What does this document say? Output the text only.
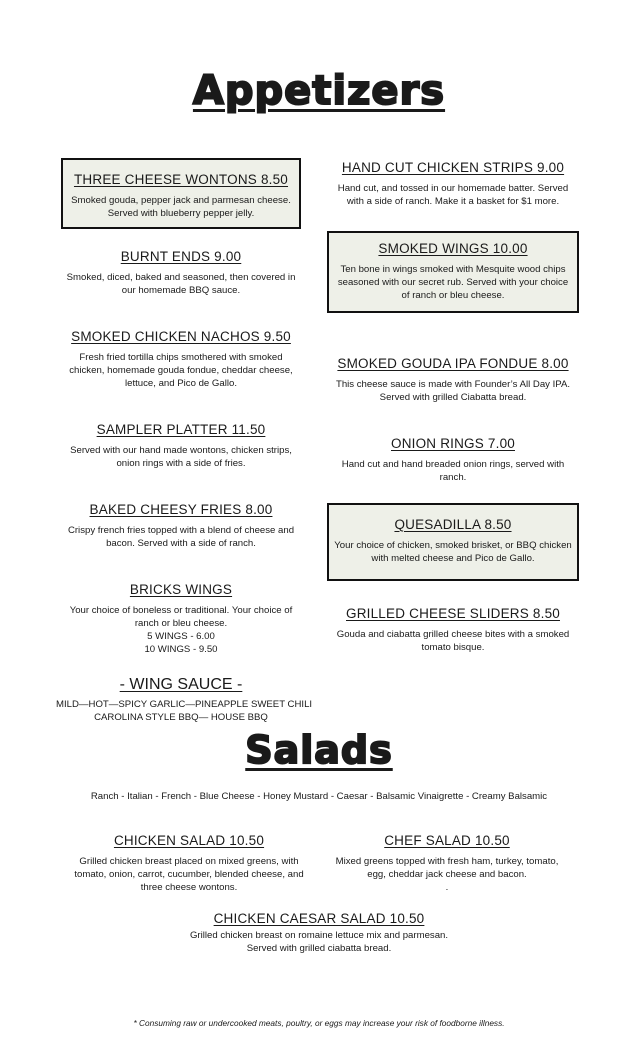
Appetizers
THREE CHEESE WONTONS 8.50
Smoked gouda, pepper jack and parmesan cheese.
Served with blueberry pepper jelly.
BURNT ENDS 9.00
Smoked, diced, baked and seasoned, then covered in
our homemade BBQ sauce.
SMOKED CHICKEN NACHOS 9.50
Fresh fried tortilla chips smothered with smoked
chicken, homemade gouda fondue, cheddar cheese,
lettuce, and Pico de Gallo.
SAMPLER PLATTER 11.50
Served with our hand made wontons, chicken strips,
onion rings with a side of fries.
BAKED CHEESY FRIES 8.00
Crispy french fries topped with a blend of cheese and
bacon. Served with a side of ranch.
BRICKS WINGS
Your choice of boneless or traditional. Your choice of
ranch or bleu cheese.
5 WINGS - 6.00
10 WINGS - 9.50
- WING SAUCE -
MILD—HOT—SPICY GARLIC—PINEAPPLE SWEET CHILI
CAROLINA STYLE BBQ— HOUSE BBQ
HAND CUT CHICKEN STRIPS 9.00
Hand cut, and tossed in our homemade batter. Served
with a side of ranch. Make it a basket for $1 more.
SMOKED WINGS 10.00
Ten bone in wings smoked with Mesquite wood chips
seasoned with our secret rub. Served with your choice
of ranch or bleu cheese.
SMOKED GOUDA IPA FONDUE 8.00
This cheese sauce is made with Founder’s All Day IPA.
Served with grilled Ciabatta bread.
ONION RINGS 7.00
Hand cut and hand breaded onion rings, served with
ranch.
QUESADILLA 8.50
Your choice of chicken, smoked brisket, or BBQ chicken
with melted cheese and Pico de Gallo.
GRILLED CHEESE SLIDERS 8.50
Gouda and ciabatta grilled cheese bites with a smoked
tomato bisque.
Salads
Ranch - Italian - French - Blue Cheese - Honey Mustard - Caesar - Balsamic Vinaigrette - Creamy Balsamic
CHICKEN SALAD 10.50
Grilled chicken breast placed on mixed greens, with
tomato, onion, carrot, cucumber, blended cheese, and
three cheese wontons.
CHEF SALAD 10.50
Mixed greens topped with fresh ham, turkey, tomato,
egg, cheddar jack cheese and bacon.
.
CHICKEN CAESAR SALAD 10.50
Grilled chicken breast on romaine lettuce mix and parmesan.
Served with grilled ciabatta bread.
* Consuming raw or undercooked meats, poultry, or eggs may increase your risk of foodborne illness.
